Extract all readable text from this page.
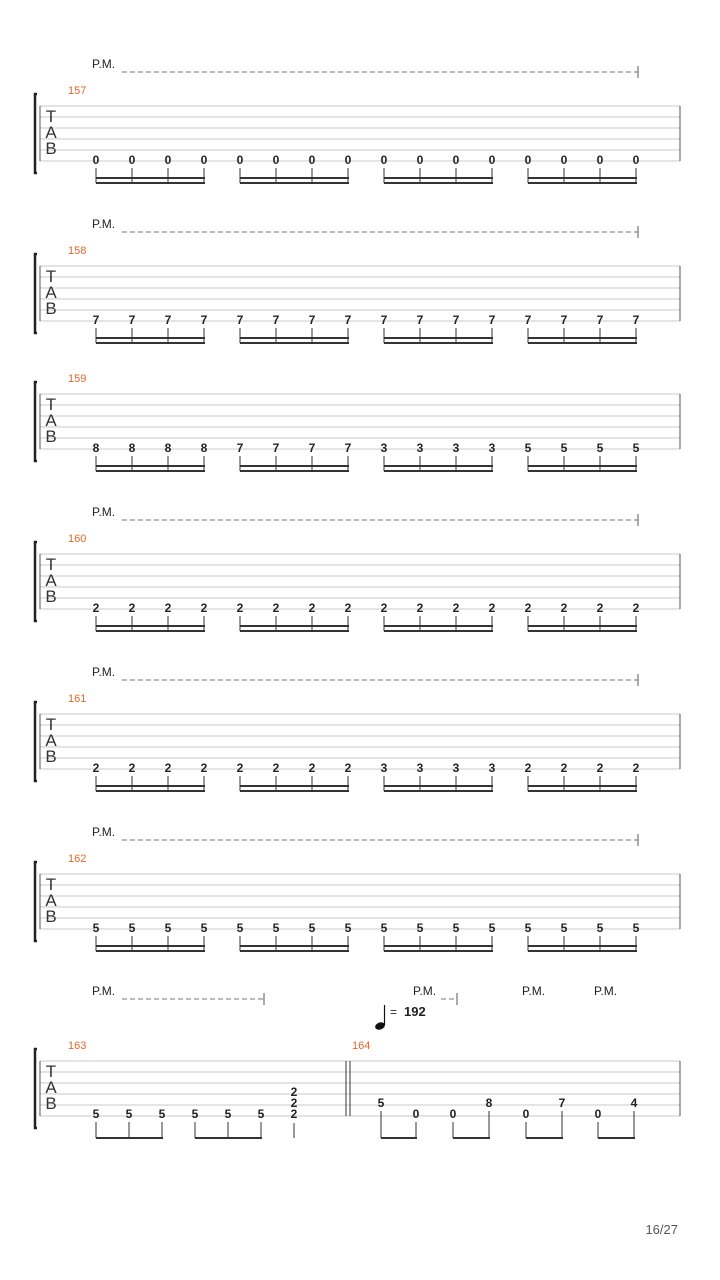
T
A
B
157
P.M.
0 0 0 0 0 0 0 0 0 0 0 0 0 0 0 0
T
A
B
158
P.M.
7 7 7 7 7 7 7 7 7 7 7 7 7 7 7 7
T
A
B
159
8 8 8 8 7 7 7 7 3 3 3 3 5 5 5 5
T
A
B
160
P.M.
2 2 2 2 2 2 2 2 2 2 2 2 2 2 2 2
T
A
B
161
P.M.
2 2 2 2 2 2 2 2 3 3 3 3 2 2 2 2
T
A
B
162
P.M.
5 5 5 5 5 5 5 5 5 5 5 5 5 5 5 5
T
A
B
163	164
P.M.	P.M.	P.M.	P.M.
= 192
5 5 5 5 5 5
2
2
2
5
0	0
8
0
7
0
4
16/27
